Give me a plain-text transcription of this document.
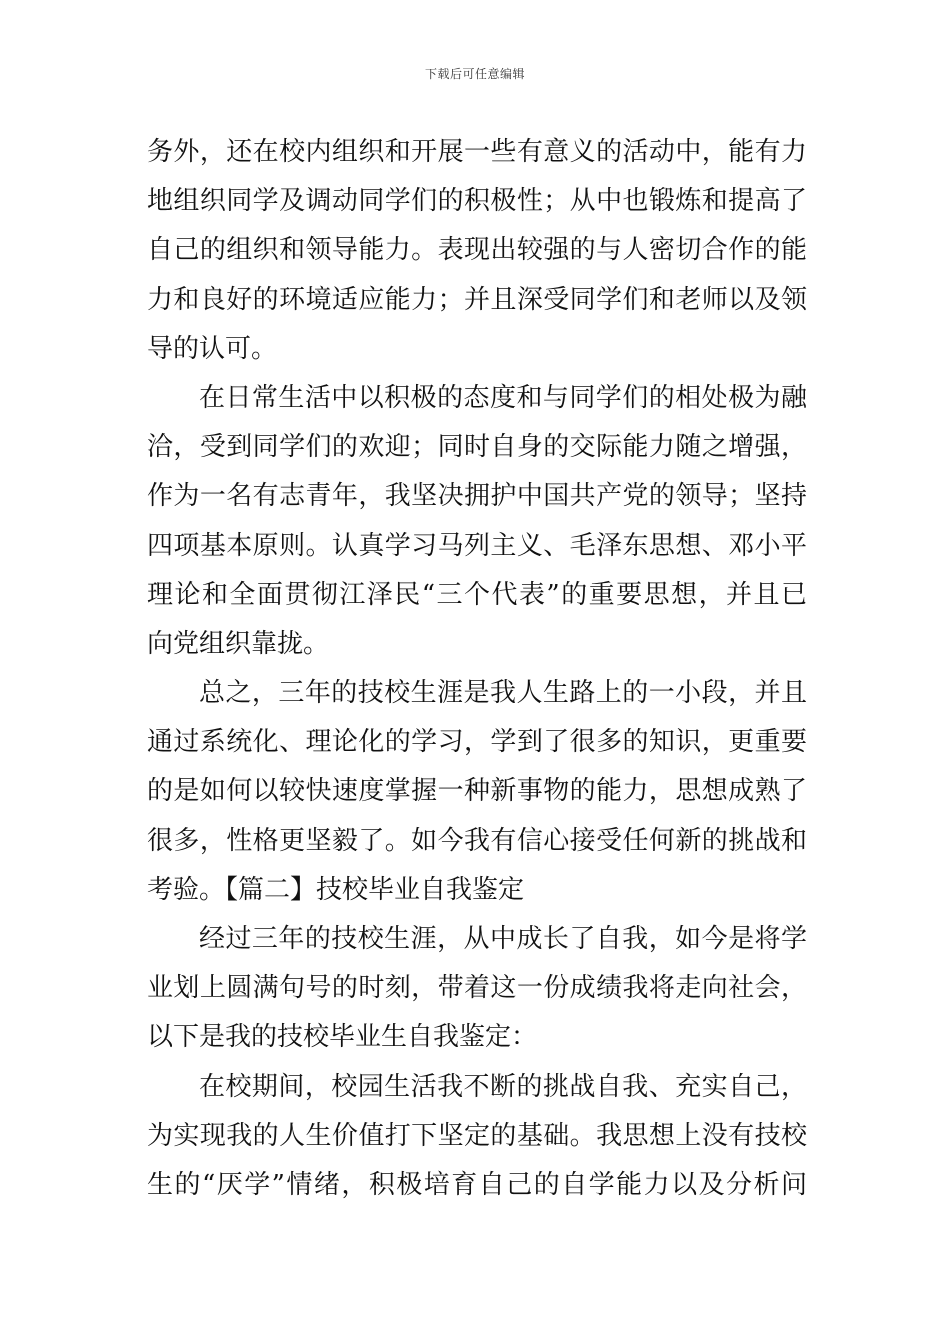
下载后可任意编辑
务外，还在校内组织和开展一些有意义的活动中，能有力
地组织同学及调动同学们的积极性；从中也锻炼和提高了
自己的组织和领导能力。表现出较强的与人密切合作的能
力和良好的环境适应能力；并且深受同学们和老师以及领
导的认可。
在日常生活中以积极的态度和与同学们的相处极为融
洽，受到同学们的欢迎；同时自身的交际能力随之增强，
作为一名有志青年，我坚决拥护中国共产党的领导；坚持
四项基本原则。认真学习马列主义、毛泽东思想、邓小平
理论和全面贯彻江泽民“三个代表”的重要思想，并且已
向党组织靠拢。
总之，三年的技校生涯是我人生路上的一小段，并且
通过系统化、理论化的学习，学到了很多的知识，更重要
的是如何以较快速度掌握一种新事物的能力，思想成熟了
很多，性格更坚毅了。如今我有信心接受任何新的挑战和
考验。【篇二】技校毕业自我鉴定
经过三年的技校生涯，从中成长了自我，如今是将学
业划上圆满句号的时刻，带着这一份成绩我将走向社会，
以下是我的技校毕业生自我鉴定：
在校期间，校园生活我不断的挑战自我、充实自己，
为实现我的人生价值打下坚定的基础。我思想上没有技校
生的“厌学”情绪，积极培育自己的自学能力以及分析问
